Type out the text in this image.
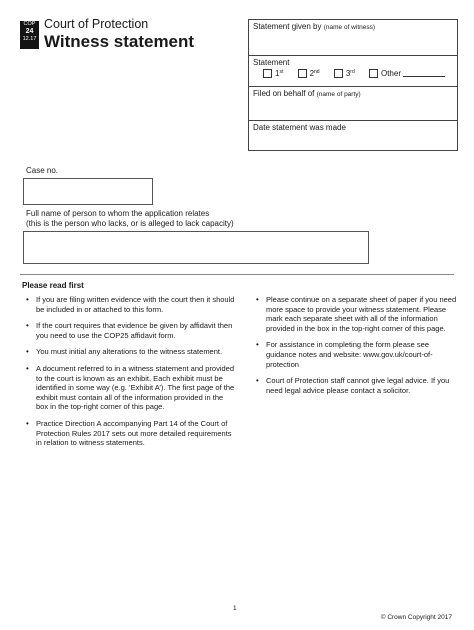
COP
24
12.17
Court of Protection
Witness statement
Statement given by (name of witness)
Statement
1st	2nd	3rd	Other
Filed on behalf of (name of party)
Date statement was made
Case no.
Full name of person to whom the application relates
(this is the person who lacks, or is alleged to lack capacity)
Please read first
• If you are filing written evidence with the court then it should be included in or attached to this form.
• If the court requires that evidence be given by affidavit then you need to use the COP25 affidavit form.
• You must initial any alterations to the witness statement.
• A document referred to in a witness statement and provided to the court is known as an exhibit. Each exhibit must be identified in some way (e.g. ‘Exhibit A’). The first page of the exhibit must contain all of the information provided in the box in the top-right corner of this page.
• Practice Direction A accompanying Part 14 of the Court of Protection Rules 2017 sets out more detailed requirements in relation to witness statements.
• Please continue on a separate sheet of paper if you need more space to provide your witness statement. Please mark each separate sheet with all of the information provided in the box in the top-right corner of this page.
• For assistance in completing the form please see guidance notes and website: www.gov.uk/court-of-protection
• Court of Protection staff cannot give legal advice. If you need legal advice please contact a solicitor.
1
© Crown Copyright 2017
